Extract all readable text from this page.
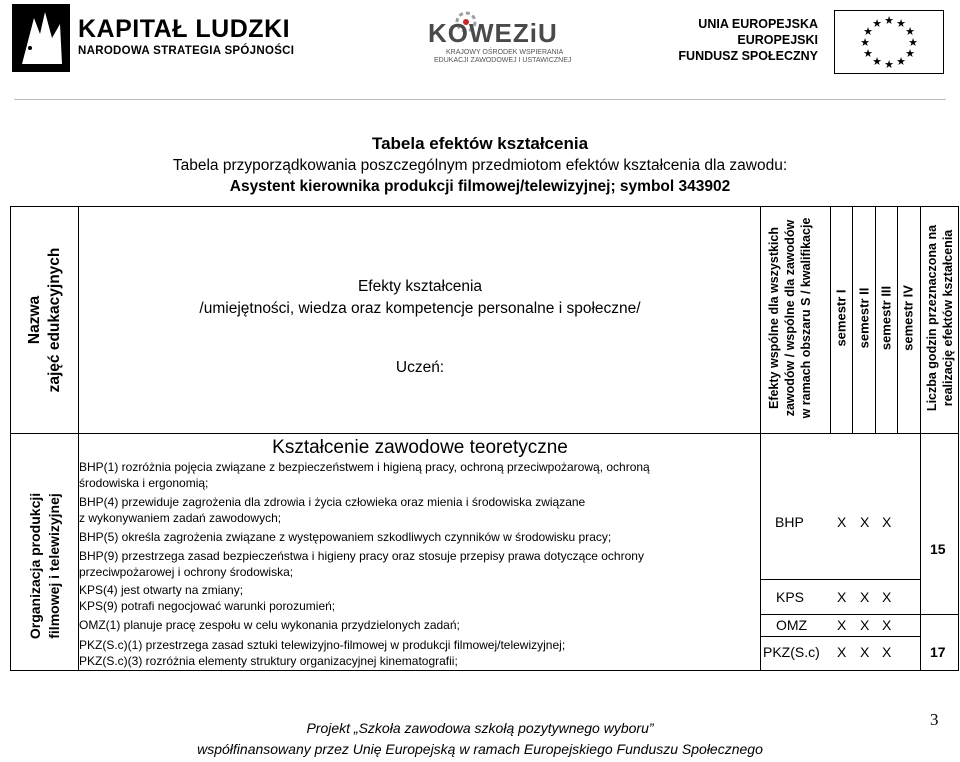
KAPITAŁ LUDZKI
NARODOWA STRATEGIA SPÓJNOŚCI
KOWEZiU
KRAJOWY OŚRODEK WSPIERANIA
EDUKACJI ZAWODOWEJ I USTAWICZNEJ
UNIA EUROPEJSKA
EUROPEJSKI
FUNDUSZ SPOŁECZNY
★ ★
★
★
★
★
★
★
★
★
★
★
Tabela efektów kształcenia
Tabela przyporządkowania poszczególnym przedmiotom efektów kształcenia dla zawodu:
Asystent kierownika produkcji filmowej/telewizyjnej; symbol 343902
Nazwa zajęć edukacyjnych	Efekty kształcenia
/umiejętności, wiedza oraz kompetencje personalne i społeczne/
Uczeń:	Efekty wspólne dla wszystkich zawodów / wspólne dla zawodów w ramach obszaru S / kwalifikacje semestr I semestr II semestr III semestr IV Liczba godzin przeznaczona na realizację efektów kształcenia
Organizacja produkcji filmowej i telewizyjnej
Kształcenie zawodowe teoretyczne
BHP(1) rozróżnia pojęcia związane z bezpieczeństwem i higieną pracy, ochroną przeciwpożarową, ochroną
środowiska i ergonomią;
BHP(4) przewiduje zagrożenia dla zdrowia i życia człowieka oraz mienia i środowiska związane
z wykonywaniem zadań zawodowych;
BHP(5) określa zagrożenia związane z występowaniem szkodliwych czynników w środowisku pracy;
BHP(9) przestrzega zasad bezpieczeństwa i higieny pracy oraz stosuje przepisy prawa dotyczące ochrony
przeciwpożarowej i ochrony środowiska;
KPS(4) jest otwarty na zmiany;
KPS(9) potrafi negocjować warunki porozumień;
OMZ(1) planuje pracę zespołu w celu wykonania przydzielonych zadań;
PKZ(S.c)(1) przestrzega zasad sztuki telewizyjno-filmowej w produkcji filmowej/telewizyjnej;
PKZ(S.c)(3) rozróżnia elementy struktury organizacyjnej kinematografii;
BHP X X X
KPS X X X
OMZ X X X
PKZ(S.c) X X X
15
17
3
Projekt „Szkoła zawodowa szkołą pozytywnego wyboru”
współfinansowany przez Unię Europejską w ramach Europejskiego Funduszu Społecznego
